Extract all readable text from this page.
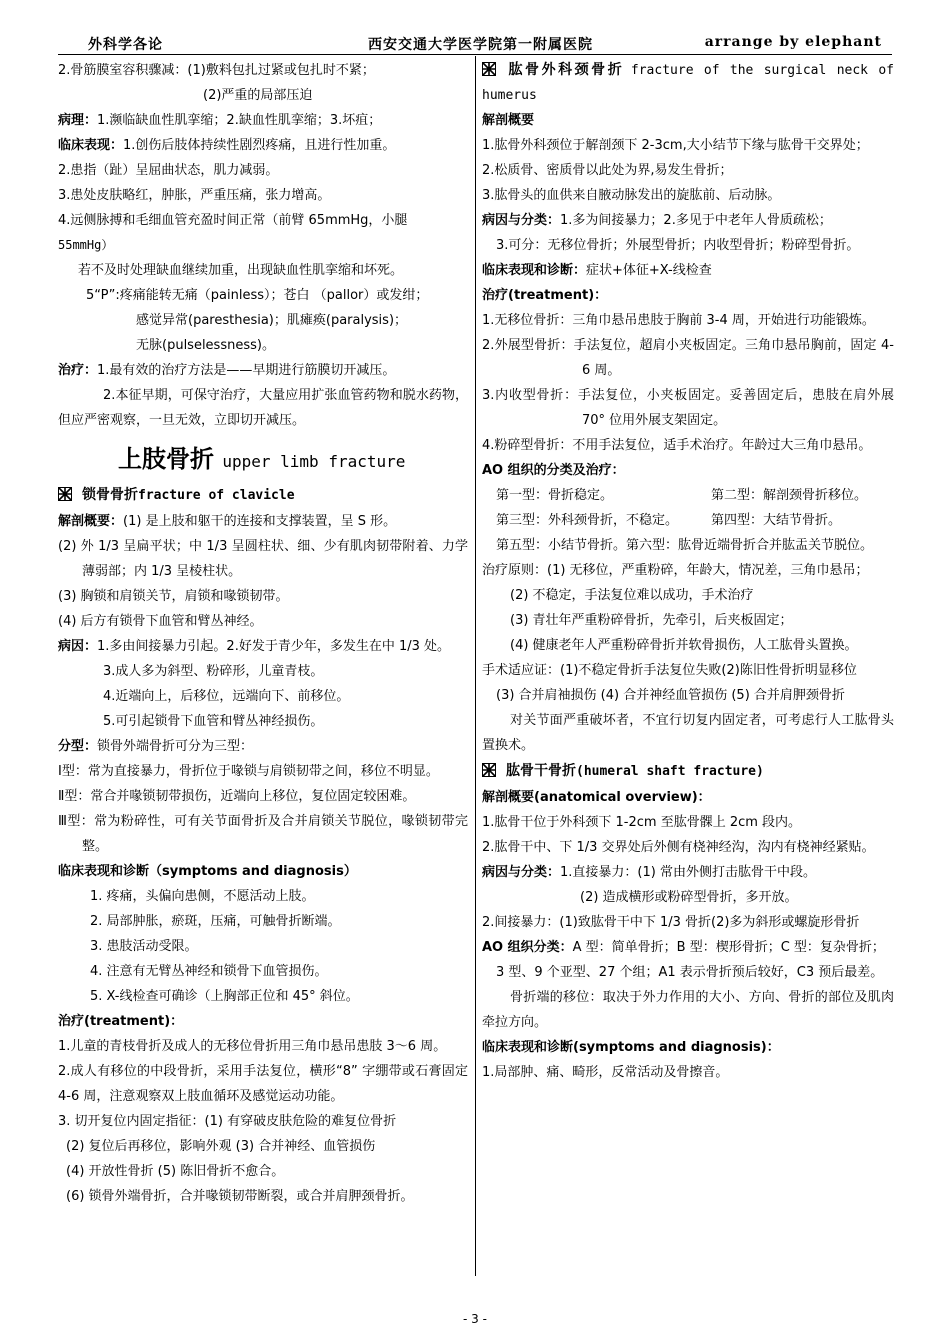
外科学各论	西安交通大学医学院第一附属医院	arrange by elephant
2.骨筋膜室容积骤减：(1)敷料包扎过紧或包扎时不紧；
(2)严重的局部压迫
病理：1.濒临缺血性肌挛缩；2.缺血性肌挛缩；3.坏疽；
临床表现：1.创伤后肢体持续性剧烈疼痛，且进行性加重。
2.患指（趾）呈屈曲状态，肌力减弱。
3.患处皮肤略红，肿胀，严重压痛，张力增高。
4.远侧脉搏和毛细血管充盈时间正常（前臂 65mmHg，小腿
55mmHg）
若不及时处理缺血继续加重，出现缺血性肌挛缩和坏死。
5“P”:疼痛能转无痛（painless）；苍白 （pallor）或发绀；
感觉异常(paresthesia)；肌瘫痪(paralysis)；
无脉(pulselessness)。
治疗：1.最有效的治疗方法是——早期进行筋膜切开减压。
2.本征早期，可保守治疗，大量应用扩张血管药物和脱水药物，但应严密观察，一旦无效，立即切开减压。
上肢骨折 upper limb fracture
锁骨骨折fracture of clavicle
解剖概要：(1) 是上肢和躯干的连接和支撑装置，呈 S 形。
(2) 外 1/3 呈扁平状；中 1/3 呈圆柱状、细、少有肌肉韧带附着、力学薄弱部；内 1/3 呈棱柱状。
(3) 胸锁和肩锁关节，肩锁和喙锁韧带。
(4) 后方有锁骨下血管和臂丛神经。
病因：1.多由间接暴力引起。2.好发于青少年，多发生在中 1/3 处。
3.成人多为斜型、粉碎形，儿童青枝。
4.近端向上，后移位，远端向下、前移位。
5.可引起锁骨下血管和臂丛神经损伤。
分型：锁骨外端骨折可分为三型：
Ⅰ型：常为直接暴力，骨折位于喙锁与肩锁韧带之间，移位不明显。
Ⅱ型：常合并喙锁韧带损伤，近端向上移位，复位固定较困难。
Ⅲ型：常为粉碎性，可有关节面骨折及合并肩锁关节脱位，喙锁韧带完整。
临床表现和诊断（symptoms and diagnosis）
1. 疼痛，头偏向患侧，不愿活动上肢。
2. 局部肿胀，瘀斑，压痛，可触骨折断端。
3. 患肢活动受限。
4. 注意有无臂丛神经和锁骨下血管损伤。
5. X-线检查可确诊（上胸部正位和 45° 斜位。
治疗(treatment)：
1.儿童的青枝骨折及成人的无移位骨折用三角巾悬吊患肢 3～6 周。
2.成人有移位的中段骨折，采用手法复位，横形“8” 字绷带或石膏固定 4-6 周，注意观察双上肢血循环及感觉运动功能。
3. 切开复位内固定指征：(1) 有穿破皮肤危险的难复位骨折
(2) 复位后再移位，影响外观 (3) 合并神经、血管损伤
(4) 开放性骨折 (5) 陈旧骨折不愈合。
(6) 锁骨外端骨折，合并喙锁韧带断裂，或合并肩胛颈骨折。
肱骨外科颈骨折 fracture of the surgical neck of humerus
解剖概要
1.肱骨外科颈位于解剖颈下 2-3cm,大小结节下缘与肱骨干交界处；
2.松质骨、密质骨以此处为界,易发生骨折；
3.肱骨头的血供来自腋动脉发出的旋肱前、后动脉。
病因与分类：1.多为间接暴力；2.多见于中老年人骨质疏松；
3.可分：无移位骨折；外展型骨折；内收型骨折；粉碎型骨折。
临床表现和诊断：症状+体征+X-线检查
治疗(treatment)：
1.无移位骨折：三角巾悬吊患肢于胸前 3-4 周，开始进行功能锻炼。
2.外展型骨折：手法复位，超肩小夹板固定。三角巾悬吊胸前，固定 4-6 周。
3.内收型骨折：手法复位，小夹板固定。妥善固定后，患肢在肩外展 70° 位用外展支架固定。
4.粉碎型骨折：不用手法复位，适手术治疗。年龄过大三角巾悬吊。
AO 组织的分类及治疗：
第一型：骨折稳定。	第二型：解剖颈骨折移位。
第三型：外科颈骨折，不稳定。	第四型：大结节骨折。
第五型：小结节骨折。第六型：肱骨近端骨折合并肱盂关节脱位。
治疗原则：(1) 无移位，严重粉碎，年龄大，情况差，三角巾悬吊；
(2) 不稳定，手法复位难以成功，手术治疗
(3) 青壮年严重粉碎骨折，先牵引，后夹板固定；
(4) 健康老年人严重粉碎骨折并软骨损伤，人工肱骨头置换。
手术适应证：(1)不稳定骨折手法复位失败(2)陈旧性骨折明显移位
(3) 合并肩袖损伤 (4) 合并神经血管损伤 (5) 合并肩胛颈骨折
对关节面严重破坏者，不宜行切复内固定者，可考虑行人工肱骨头置换术。
肱骨干骨折(humeral shaft fracture)
解剖概要(anatomical overview)：
1.肱骨干位于外科颈下 1-2cm 至肱骨髁上 2cm 段内。
2.肱骨干中、下 1/3 交界处后外侧有桡神经沟，沟内有桡神经紧贴。
病因与分类：1.直接暴力：(1) 常由外侧打击肱骨干中段。
(2) 造成横形或粉碎型骨折，多开放。
2.间接暴力：(1)致肱骨干中下 1/3 骨折(2)多为斜形或螺旋形骨折
AO 组织分类：A 型：简单骨折；B 型：楔形骨折；C 型：复杂骨折；
3 型、9 个亚型、27 个组；A1 表示骨折预后较好，C3 预后最差。
骨折端的移位：取决于外力作用的大小、方向、骨折的部位及肌肉牵拉方向。
临床表现和诊断(symptoms and diagnosis)：
1.局部肿、痛、畸形，反常活动及骨擦音。
- 3 -
